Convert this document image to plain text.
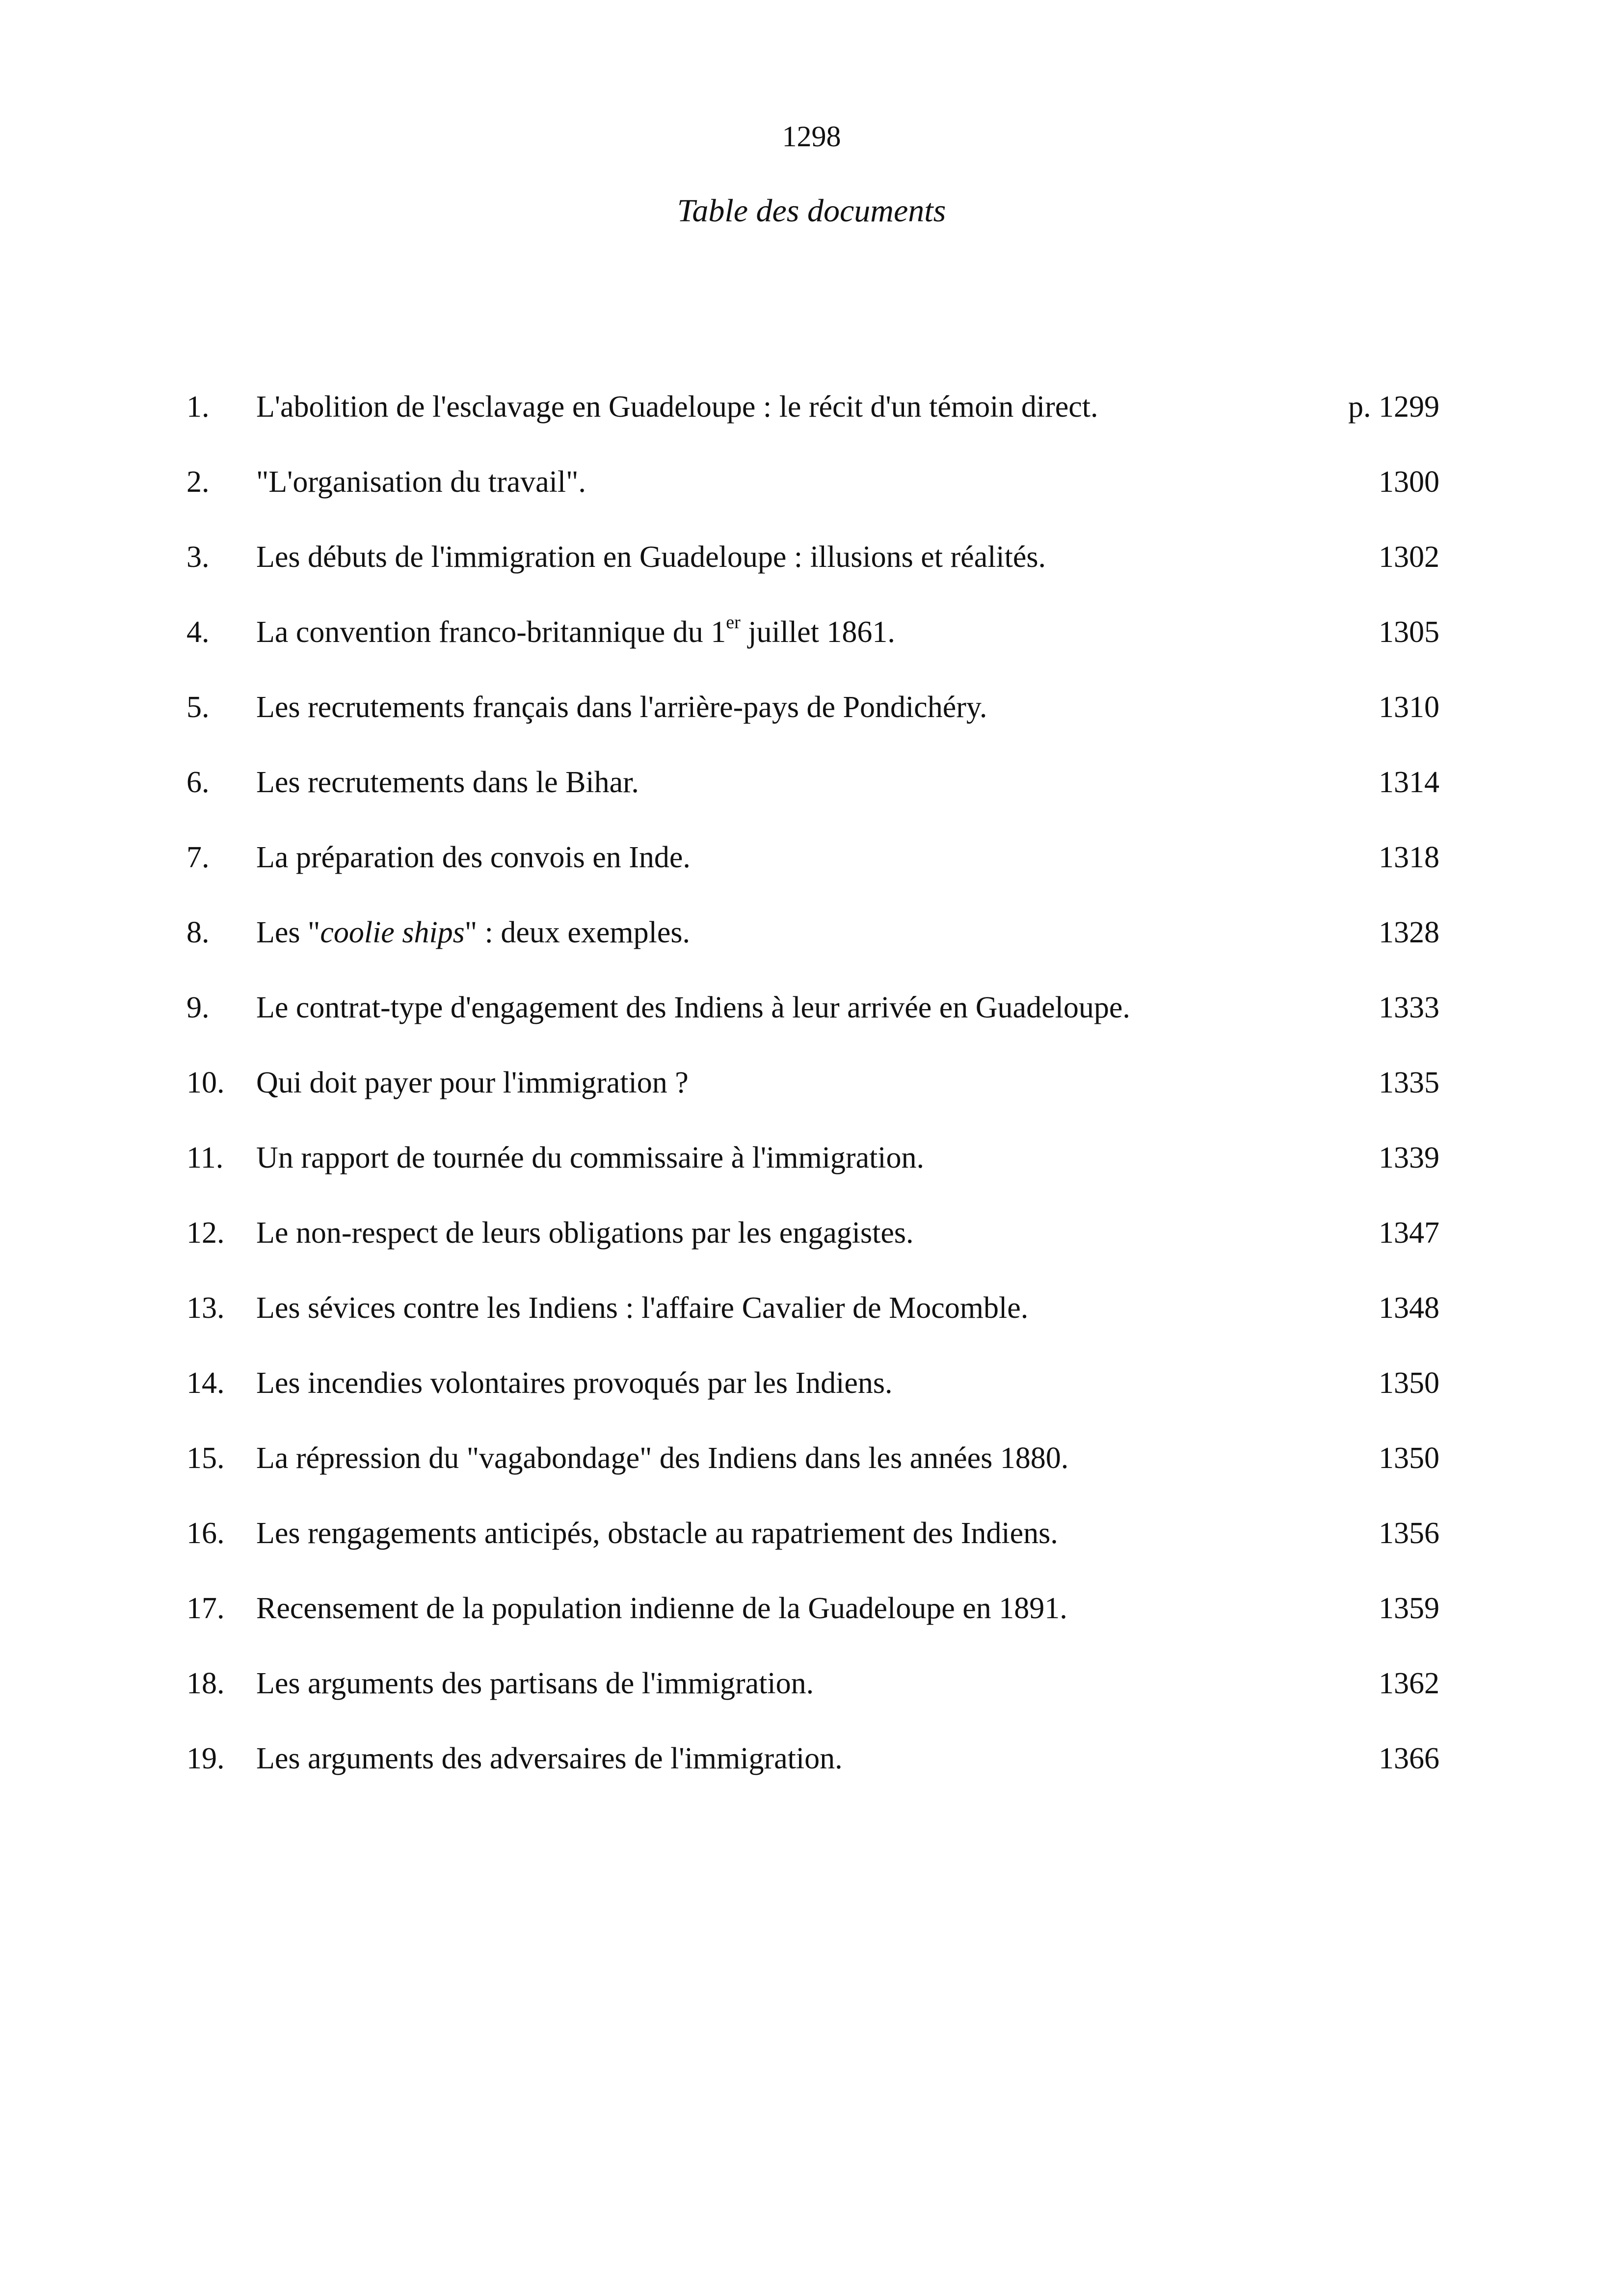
1298
Table des documents
1. L'abolition de l'esclavage en Guadeloupe : le récit d'un témoin direct.	p. 1299
2. "L'organisation du travail".	1300
3. Les débuts de l'immigration en Guadeloupe : illusions et réalités.	1302
4. La convention franco-britannique du 1er juillet 1861.	1305
5. Les recrutements français dans l'arrière-pays de Pondichéry.	1310
6. Les recrutements dans le Bihar.	1314
7. La préparation des convois en Inde.	1318
8. Les "coolie ships" : deux exemples.	1328
9. Le contrat-type d'engagement des Indiens à leur arrivée en Guadeloupe.	1333
10. Qui doit payer pour l'immigration ?	1335
11. Un rapport de tournée du commissaire à l'immigration.	1339
12. Le non-respect de leurs obligations par les engagistes.	1347
13. Les sévices contre les Indiens : l'affaire Cavalier de Mocomble.	1348
14. Les incendies volontaires provoqués par les Indiens.	1350
15. La répression du "vagabondage" des Indiens dans les années 1880.	1350
16. Les rengagements anticipés, obstacle au rapatriement des Indiens.	1356
17. Recensement de la population indienne de la Guadeloupe en 1891.	1359
18. Les arguments des partisans de l'immigration.	1362
19. Les arguments des adversaires de l'immigration.	1366
